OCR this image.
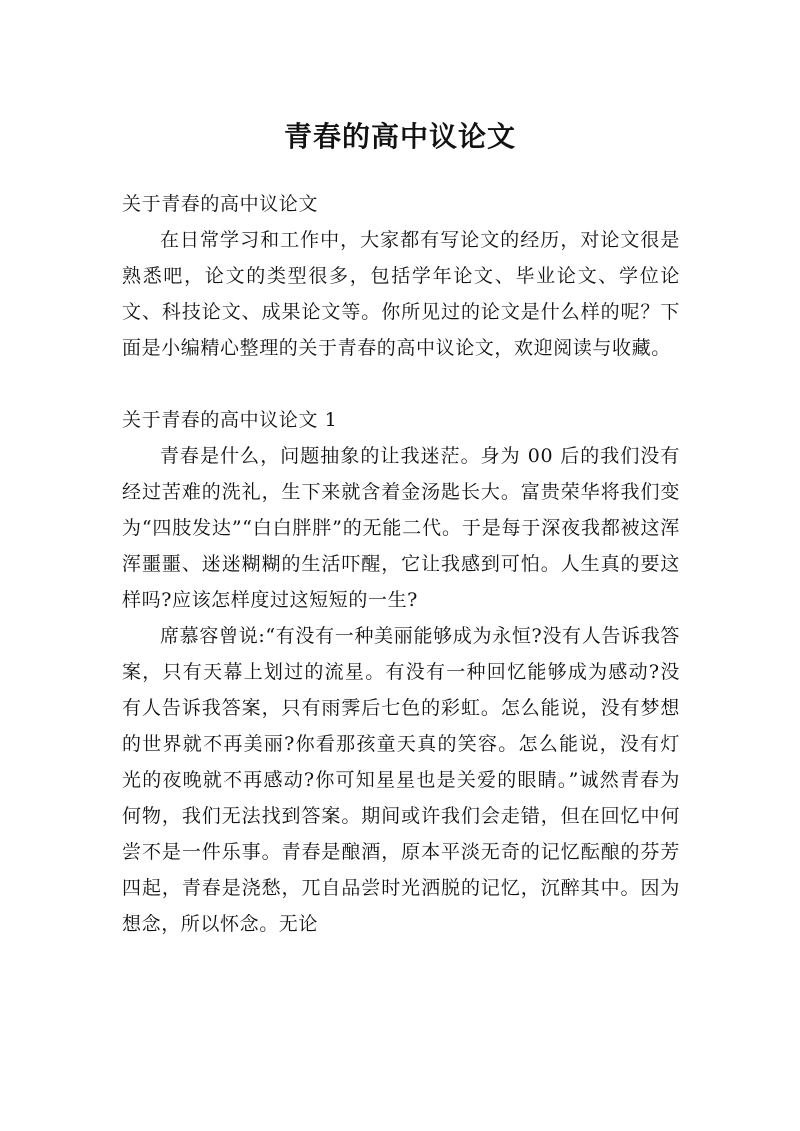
青春的高中议论文

关于青春的高中议论文

在日常学习和工作中，大家都有写论文的经历，对论文很是熟悉吧，论文的类型很多，包括学年论文、毕业论文、学位论文、科技论文、成果论文等。你所见过的论文是什么样的呢？下面是小编精心整理的关于青春的高中议论文，欢迎阅读与收藏。

关于青春的高中议论文 1

青春是什么，问题抽象的让我迷茫。身为 00 后的我们没有经过苦难的洗礼，生下来就含着金汤匙长大。富贵荣华将我们变为“四肢发达”“白白胖胖”的无能二代。于是每于深夜我都被这浑浑噩噩、迷迷糊糊的生活吓醒，它让我感到可怕。人生真的要这样吗?应该怎样度过这短短的一生?

席慕容曾说:“有没有一种美丽能够成为永恒?没有人告诉我答案，只有天幕上划过的流星。有没有一种回忆能够成为感动?没有人告诉我答案，只有雨霁后七色的彩虹。怎么能说，没有梦想的世界就不再美丽?你看那孩童天真的笑容。怎么能说，没有灯光的夜晚就不再感动?你可知星星也是关爱的眼睛。”诚然青春为何物，我们无法找到答案。期间或许我们会走错，但在回忆中何尝不是一件乐事。青春是酿酒，原本平淡无奇的记忆酝酿的芬芳四起，青春是浇愁，兀自品尝时光洒脱的记忆，沉醉其中。因为想念，所以怀念。无论
